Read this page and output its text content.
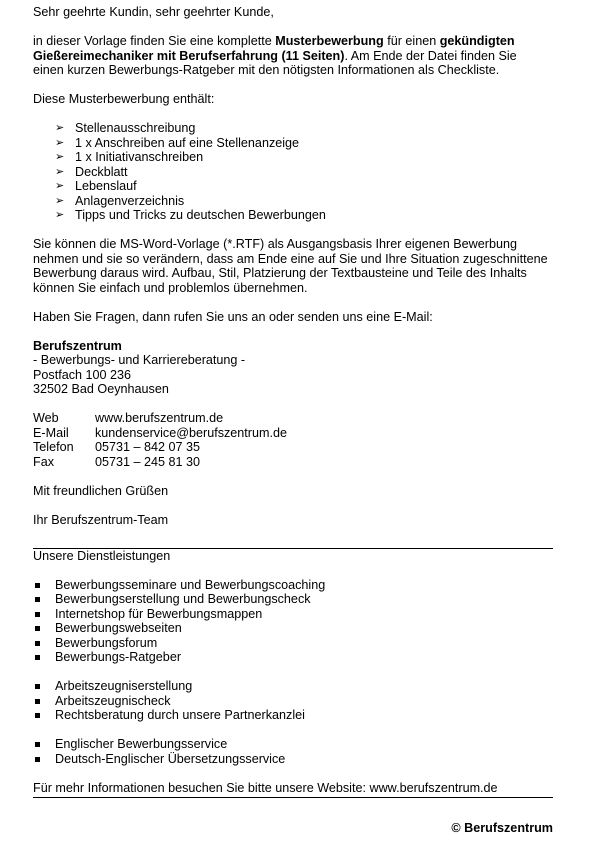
Sehr geehrte Kundin, sehr geehrter Kunde,

in dieser Vorlage finden Sie eine komplette Musterbewerbung für einen gekündigten

Gießereimechaniker mit Berufserfahrung (11 Seiten). Am Ende der Datei finden Sie

einen kurzen Bewerbungs-Ratgeber mit den nötigsten Informationen als Checkliste.

Diese Musterbewerbung enthält:

➢ Stellenausschreibung
➢ 1 x Anschreiben auf eine Stellenanzeige
➢ 1 x Initiativanschreiben
➢ Deckblatt
➢ Lebenslauf
➢ Anlagenverzeichnis
➢ Tipps und Tricks zu deutschen Bewerbungen

Sie können die MS-Word-Vorlage (*.RTF) als Ausgangsbasis Ihrer eigenen Bewerbung

nehmen und sie so verändern, dass am Ende eine auf Sie und Ihre Situation zugeschnittene

Bewerbung daraus wird. Aufbau, Stil, Platzierung der Textbausteine und Teile des Inhalts

können Sie einfach und problemlos übernehmen.

Haben Sie Fragen, dann rufen Sie uns an oder senden uns eine E-Mail:

Berufszentrum

- Bewerbungs- und Karriereberatung -

Postfach 100 236

32502 Bad Oeynhausen

Web	www.berufszentrum.de
E-Mail	kundenservice@berufszentrum.de
Telefon	05731 – 842 07 35
Fax	05731 – 245 81 30

Mit freundlichen Grüßen

Ihr Berufszentrum-Team

Unsere Dienstleistungen

Bewerbungsseminare und Bewerbungscoaching
Bewerbungserstellung und Bewerbungscheck
Internetshop für Bewerbungsmappen
Bewerbungswebseiten
Bewerbungsforum
Bewerbungs-Ratgeber
Arbeitszeugniserstellung
Arbeitszeugnischeck
Rechtsberatung durch unsere Partnerkanzlei
Englischer Bewerbungsservice
Deutsch-Englischer Übersetzungsservice

Für mehr Informationen besuchen Sie bitte unsere Website: www.berufszentrum.de

© Berufszentrum
